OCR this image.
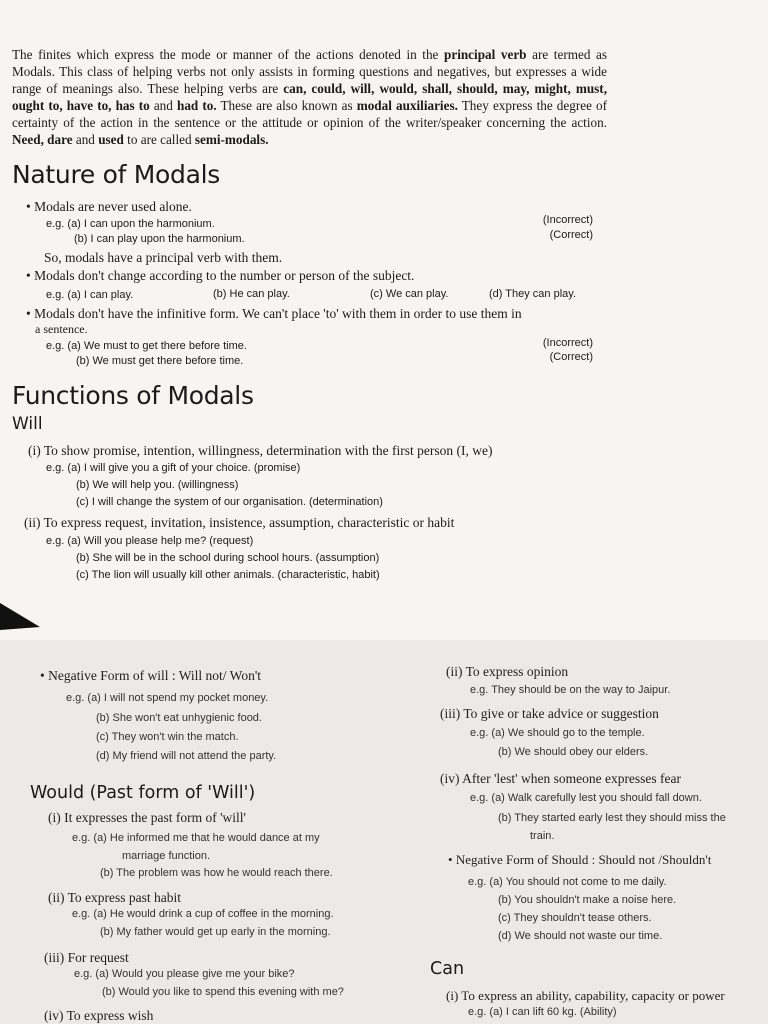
The finites which express the mode or manner of the actions denoted in the principal verb are termed as Modals. This class of helping verbs not only assists in forming questions and negatives, but expresses a wide range of meanings also. These helping verbs are can, could, will, would, shall, should, may, might, must, ought to, have to, has to and had to. These are also known as modal auxiliaries. They express the degree of certainty of the action in the sentence or the attitude or opinion of the writer/speaker concerning the action. Need, dare and used to are called semi-modals.

Nature of Modals
• Modals are never used alone.
e.g. (a) I can upon the harmonium.	(Incorrect)
(b) I can play upon the harmonium.	(Correct)
So, modals have a principal verb with them.
• Modals don't change according to the number or person of the subject.
e.g. (a) I can play.	(b) He can play.	(c) We can play.	(d) They can play.
• Modals don't have the infinitive form. We can't place 'to' with them in order to use them in
a sentence.
e.g. (a) We must to get there before time.	(Incorrect)
(b) We must get there before time.	(Correct)
Functions of Modals
Will
(i) To show promise, intention, willingness, determination with the first person (I, we)
e.g. (a) I will give you a gift of your choice. (promise)
(b) We will help you. (willingness)
(c) I will change the system of our organisation. (determination)
(ii) To express request, invitation, insistence, assumption, characteristic or habit
e.g. (a) Will you please help me? (request)
(b) She will be in the school during school hours. (assumption)
(c) The lion will usually kill other animals. (characteristic, habit)
• Negative Form of will : Will not/ Won't
e.g. (a) I will not spend my pocket money.
(b) She won't eat unhygienic food.
(c) They won't win the match.
(d) My friend will not attend the party.
Would (Past form of 'Will')
(i) It expresses the past form of 'will'
e.g. (a) He informed me that he would dance at my
marriage function.
(b) The problem was how he would reach there.
(ii) To express past habit
e.g. (a) He would drink a cup of coffee in the morning.
(b) My father would get up early in the morning.
(iii) For request
e.g. (a) Would you please give me your bike?
(b) Would you like to spend this evening with me?
(iv) To express wish
(ii) To express opinion
e.g. They should be on the way to Jaipur.
(iii) To give or take advice or suggestion
e.g. (a) We should go to the temple.
(b) We should obey our elders.
(iv) After 'lest' when someone expresses fear
e.g. (a) Walk carefully lest you should fall down.
(b) They started early lest they should miss the
train.
• Negative Form of Should : Should not /Shouldn't
e.g. (a) You should not come to me daily.
(b) You shouldn't make a noise here.
(c) They shouldn't tease others.
(d) We should not waste our time.
Can
(i) To express an ability, capability, capacity or power
e.g. (a) I can lift 60 kg. (Ability)
